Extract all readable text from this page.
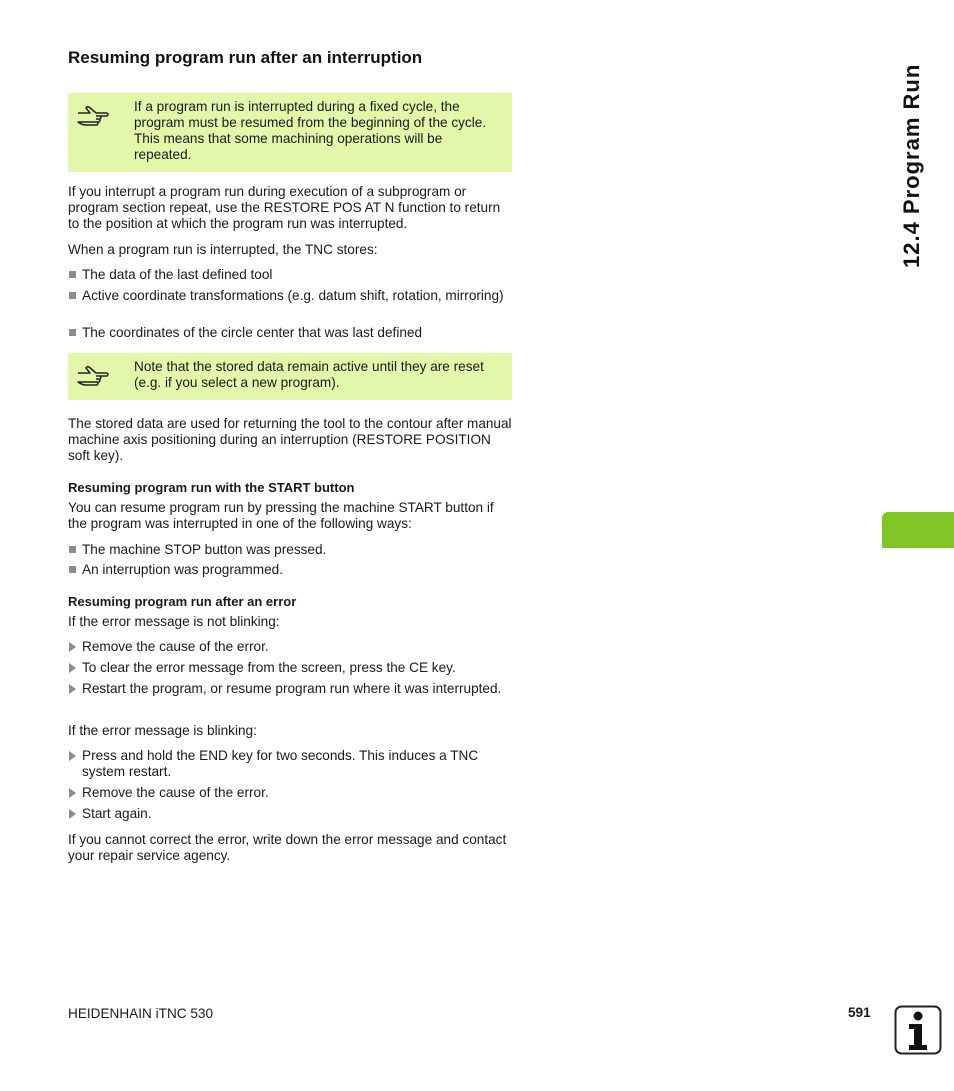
Resuming program run after an interruption
If a program run is interrupted during a fixed cycle, the program must be resumed from the beginning of the cycle. This means that some machining operations will be repeated.

If you interrupt a program run during execution of a subprogram or program section repeat, use the RESTORE POS AT N function to return to the position at which the program run was interrupted.

When a program run is interrupted, the TNC stores:

The data of the last defined tool
Active coordinate transformations (e.g. datum shift, rotation, mirroring)
The coordinates of the circle center that was last defined
Note that the stored data remain active until they are reset (e.g. if you select a new program).

The stored data are used for returning the tool to the contour after manual machine axis positioning during an interruption (RESTORE POSITION soft key).

Resuming program run with the START button

You can resume program run by pressing the machine START button if the program was interrupted in one of the following ways:

The machine STOP button was pressed.
An interruption was programmed.
Resuming program run after an error

If the error message is not blinking:

Remove the cause of the error.
To clear the error message from the screen, press the CE key.
Restart the program, or resume program run where it was interrupted.

If the error message is blinking:

Press and hold the END key for two seconds. This induces a TNC system restart.
Remove the cause of the error.
Start again.

If you cannot correct the error, write down the error message and contact your repair service agency.

12.4 Program Run
HEIDENHAIN iTNC 530	591
